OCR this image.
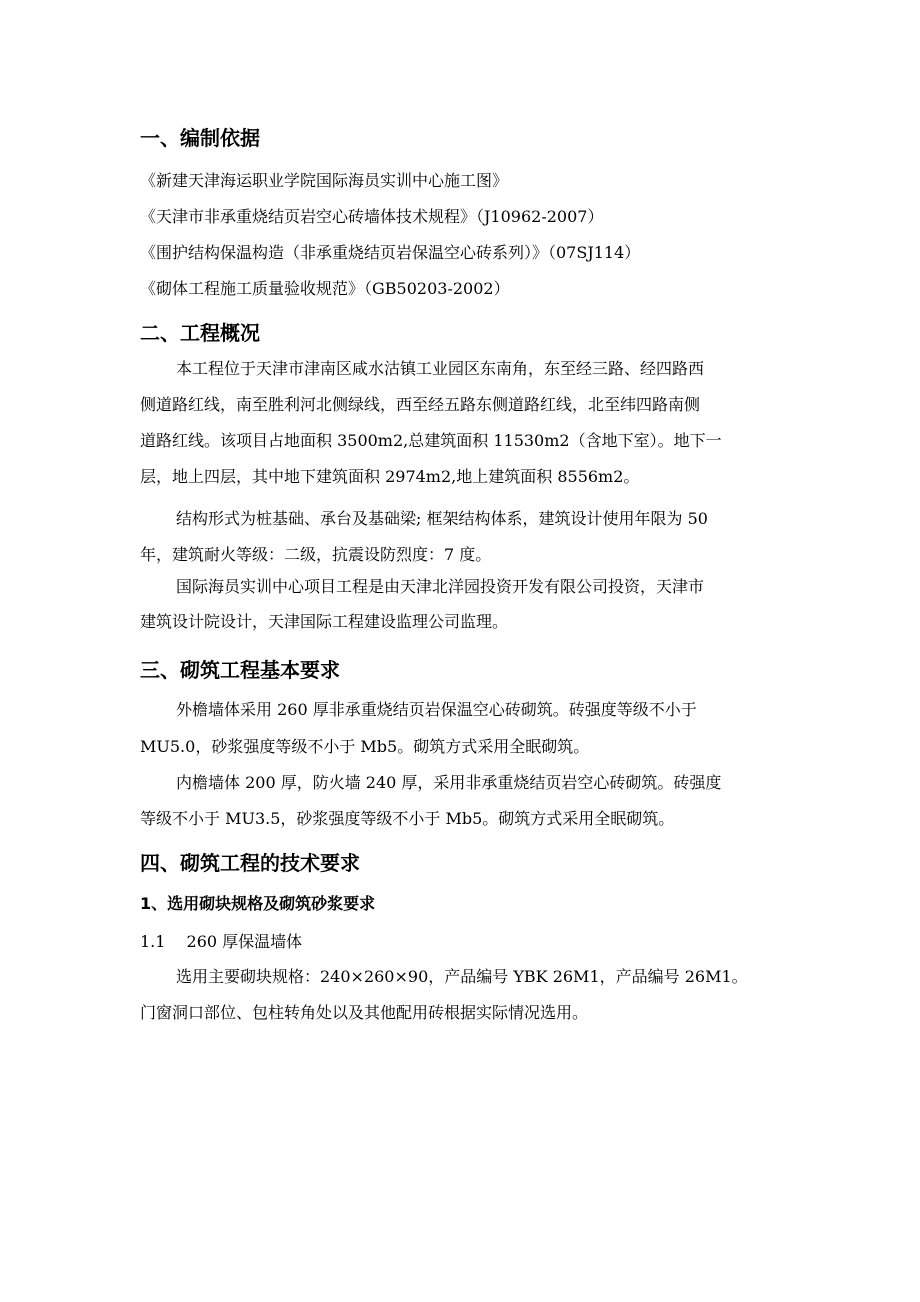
一、编制依据
《新建天津海运职业学院国际海员实训中心施工图》
《天津市非承重烧结页岩空心砖墙体技术规程》（J10962-2007）
《围护结构保温构造（非承重烧结页岩保温空心砖系列）》（07SJ114）
《砌体工程施工质量验收规范》（GB50203-2002）
二、工程概况
本工程位于天津市津南区咸水沽镇工业园区东南角，东至经三路、经四路西
侧道路红线，南至胜利河北侧绿线，西至经五路东侧道路红线，北至纬四路南侧
道路红线。该项目占地面积 3500m2,总建筑面积 11530m2（含地下室）。地下一
层，地上四层，其中地下建筑面积 2974m2,地上建筑面积 8556m2。
结构形式为桩基础、承台及基础梁; 框架结构体系，建筑设计使用年限为 50
年，建筑耐火等级：二级，抗震设防烈度：7 度。
国际海员实训中心项目工程是由天津北洋园投资开发有限公司投资，天津市
建筑设计院设计，天津国际工程建设监理公司监理。
三、砌筑工程基本要求
外檐墙体采用 260 厚非承重烧结页岩保温空心砖砌筑。砖强度等级不小于
MU5.0，砂浆强度等级不小于 Mb5。砌筑方式采用全眠砌筑。
内檐墙体 200 厚，防火墙 240 厚，采用非承重烧结页岩空心砖砌筑。砖强度
等级不小于 MU3.5，砂浆强度等级不小于 Mb5。砌筑方式采用全眠砌筑。
四、砌筑工程的技术要求
1、选用砌块规格及砌筑砂浆要求
1.1　 260 厚保温墙体
选用主要砌块规格：240×260×90，产品编号 YBK 26M1，产品编号 26M1。
门窗洞口部位、包柱转角处以及其他配用砖根据实际情况选用。
